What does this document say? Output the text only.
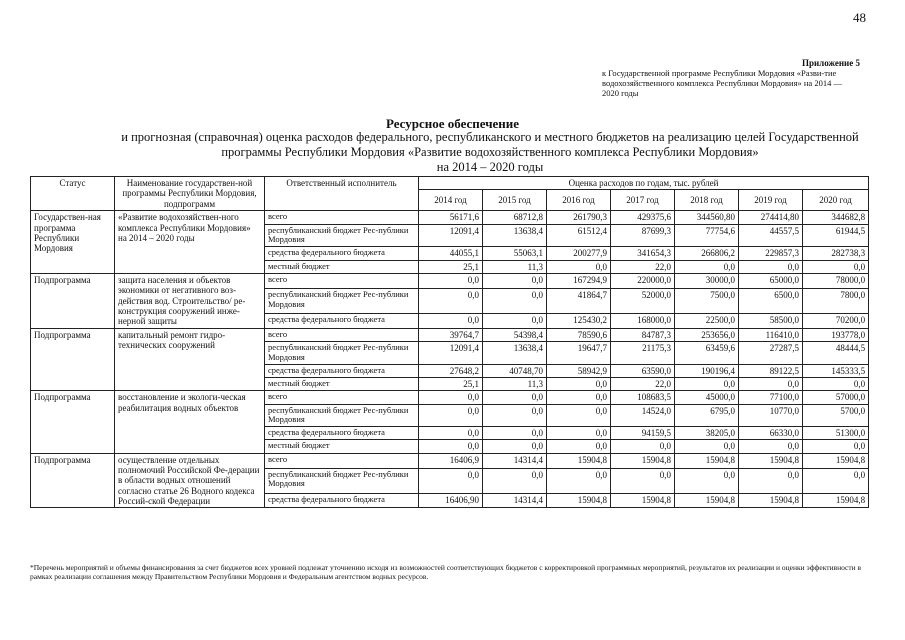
48
Приложение 5
к Государственной программе Республики Мордовия «Разви-тие водохозяйственного комплекса Республики Мордовия» на 2014 — 2020 годы
Ресурсное обеспечение
и прогнозная (справочная) оценка расходов федерального, республиканского и местного бюджетов на реализацию целей Государственной
программы Республики Мордовия «Развитие водохозяйственного комплекса Республики Мордовия»
на 2014 – 2020 годы
Статус	Наименование государствен-ной программы Республики Мордовия, подпрограмм	Ответственный исполнитель	Оценка расходов по годам, тыс. рублей						
			2014 год	2015 год	2016 год	2017 год	2018 год	2019 год	2020 год
Государствен-ная программа Республики Мордовия	«Развитие водохозяйствен-ного комплекса Республики Мордовия» на 2014 – 2020 годы	всего	56171,6	68712,8	261790,3	429375,6	344560,80	274414,80	344682,8
		республиканский бюджет Рес-публики Мордовия	12091,4	13638,4	61512,4	87699,3	77754,6	44557,5	61944,5
		средства федерального бюджета	44055,1	55063,1	200277,9	341654,3	266806,2	229857,3	282738,3
		местный бюджет	25,1	11,3	0,0	22,0	0,0	0,0	0,0
Подпрограмма	защита населения и объектов экономики от негативного воз-действия вод. Строительство/ ре-конструкция сооружений инже-нерной защиты	всего	0,0	0,0	167294,9	220000,0	30000,0	65000,0	78000,0
		республиканский бюджет Рес-публики Мордовия	0,0	0,0	41864,7	52000,0	7500,0	6500,0	7800,0
		средства федерального бюджета	0,0	0,0	125430,2	168000,0	22500,0	58500,0	70200,0
Подпрограмма	капитальный ремонт гидро-технических сооружений	всего	39764,7	54398,4	78590,6	84787,3	253656,0	116410,0	193778,0
		республиканский бюджет Рес-публики Мордовия	12091,4	13638,4	19647,7	21175,3	63459,6	27287,5	48444,5
		средства федерального бюджета	27648,2	40748,70	58942,9	63590,0	190196,4	89122,5	145333,5
		местный бюджет	25,1	11,3	0,0	22,0	0,0	0,0	0,0
Подпрограмма	восстановление и экологи-ческая реабилитация водных объектов	всего	0,0	0,0	0,0	108683,5	45000,0	77100,0	57000,0
		республиканский бюджет Рес-публики Мордовия	0,0	0,0	0,0	14524,0	6795,0	10770,0	5700,0
		средства федерального бюджета	0,0	0,0	0,0	94159,5	38205,0	66330,0	51300,0
		местный бюджет	0,0	0,0	0,0	0,0	0,0	0,0	0,0
Подпрограмма	осуществление отдельных полномочий Российской Фе-дерации в области водных отношений согласно статье 26 Водного кодекса Россий-ской Федерации	всего	16406,9	14314,4	15904,8	15904,8	15904,8	15904,8	15904,8
		республиканский бюджет Рес-публики Мордовия	0,0	0,0	0,0	0,0	0,0	0,0	0,0
		средства федерального бюджета	16406,90	14314,4	15904,8	15904,8	15904,8	15904,8	15904,8
*Перечень мероприятий и объемы финансирования за счет бюджетов всех уровней подлежат уточнению исходя из возможностей соответствующих бюджетов с корректировкой программных мероприятий, результатов их реализации и оценки эффективности в рамках реализации соглашения между Правительством Республики Мордовия и Федеральным агентством водных ресурсов.
